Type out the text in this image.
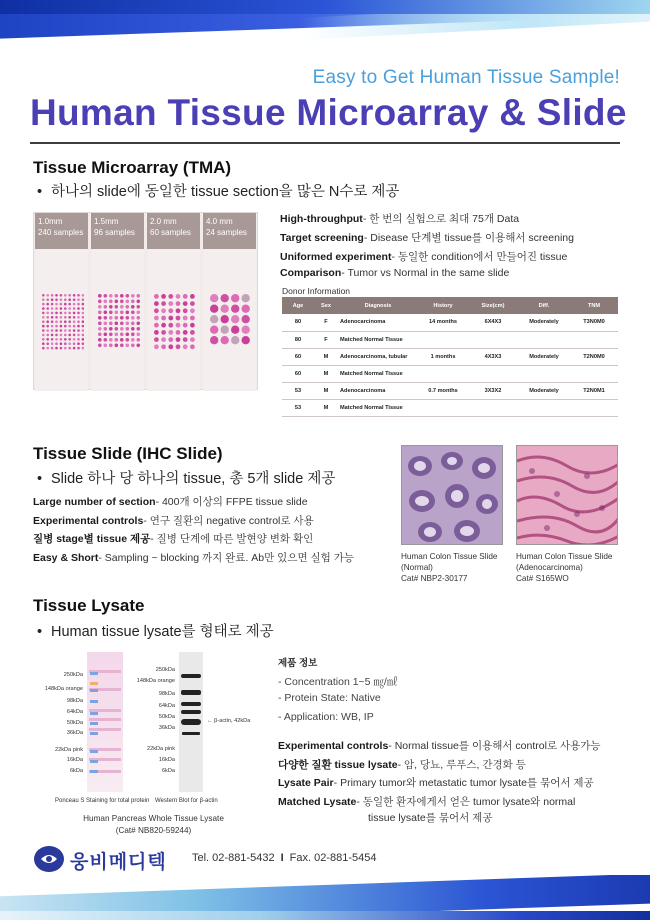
Easy to Get Human Tissue Sample!
Human Tissue Microarray & Slide
Tissue Microarray (TMA)
• 하나의 slide에 동일한 tissue section을 많은 N수로 제공
1.0mm
240 samples
1.5mm
96 samples
2.0 mm
60 samples
4.0 mm
24 samples
High-throughput- 한 번의 실험으로 최대 75개 Data
Target screening- Disease 단계별 tissue를 이용해서 screening
Uniformed experiment- 동일한 condition에서 만들어진 tissue
Comparison- Tumor vs Normal in the same slide
Donor Information
Age	Sex	Diagnosis	History	Size(cm)	Diff.	TNM
80	F	Adenocarcinoma	14 months	6X4X3	Moderately	T3N0M0
80	F	Matched Normal Tissue				
60	M	Adenocarcinoma, tubular	1 months	4X3X3	Moderately	T2N0M0
60	M	Matched Normal Tissue				
53	M	Adenocarcinoma	0.7 months	3X3X2	Moderately	T2N0M1
53	M	Matched Normal Tissue				
Tissue Slide (IHC Slide)
• Slide 하나 당 하나의 tissue, 총 5개 slide 제공
Large number of section- 400개 이상의 FFPE tissue slide
Experimental controls- 연구 질환의 negative control로 사용
질병 stage별 tissue 제공- 질병 단계에 따른 발현양 변화 확인
Easy & Short- Sampling ~ blocking 까지 완료. Ab만 있으면 실험 가능	Human Colon Tissue Slide
(Normal)
Cat# NBP2-30177
Human Colon Tissue Slide
(Adenocarcinoma)
Cat# S165WO
Tissue Lysate
• Human tissue lysate를 형태로 제공
250kDa
148kDa orange
98kDa
64kDa
50kDa
36kDa
22kDa pink
16kDa
6kDa
250kDa
148kDa orange
98kDa
64kDa
50kDa
36kDa
22kDa pink
16kDa
6kDa
← β-actin, 42kDa
Ponceau S Staining for total protein Western Blot for β-actin
Human Pancreas Whole Tissue Lysate
(Cat# NB820-59244)
제품 정보
- Concentration 1~5 ㎎/㎖
- Protein State: Native
- Application: WB, IP
Experimental controls- Normal tissue를 이용해서 control로 사용가능
다양한 질환 tissue lysate- 암, 당뇨, 루푸스, 간경화 등
Lysate Pair- Primary tumor와 metastatic tumor lysate를 묶어서 제공
Matched Lysate- 동일한 환자에게서 얻은 tumor lysate와 normal
tissue lysate를 묶어서 제공
웅비메디텍 Tel. 02-881-5432 I Fax. 02-881-5454
